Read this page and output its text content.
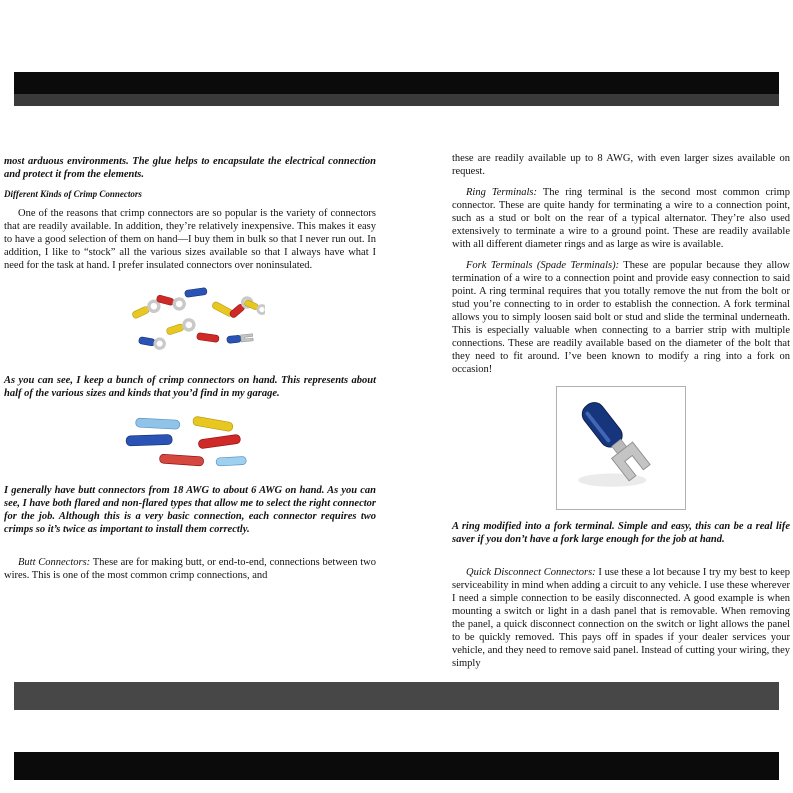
most arduous environments. The glue helps to encapsulate the electrical connection and protect it from the elements.

Different Kinds of Crimp Connectors

One of the reasons that crimp connectors are so popular is the variety of connectors that are readily available. In addition, they’re relatively inexpensive. This makes it easy to have a good selection of them on hand—I buy them in bulk so that I never run out. In addition, I like to “stock” all the various sizes available so that I always have what I need for the task at hand. I prefer insulated connectors over noninsulated.

As you can see, I keep a bunch of crimp connectors on hand. This represents about half of the various sizes and kinds that you’d find in my garage.

I generally have butt connectors from 18 AWG to about 6 AWG on hand. As you can see, I have both flared and non-flared types that allow me to select the right connector for the job. Although this is a very basic connection, each connector requires two crimps so it’s twice as important to install them correctly.

Butt Connectors: These are for making butt, or end-to-end, connections between two wires. This is one of the most common crimp connections, and

these are readily available up to 8 AWG, with even larger sizes available on request.

Ring Terminals: The ring terminal is the second most common crimp connector. These are quite handy for terminating a wire to a connection point, such as a stud or bolt on the rear of a typical alternator. They’re also used extensively to terminate a wire to a ground point. These are readily available with all different diameter rings and as large as wire is available.

Fork Terminals (Spade Terminals): These are popular because they allow termination of a wire to a connection point and provide easy connection to said point. A ring terminal requires that you totally remove the nut from the bolt or stud you’re connecting to in order to establish the connection. A fork terminal allows you to simply loosen said bolt or stud and slide the terminal underneath. This is especially valuable when connecting to a barrier strip with multiple connections. These are readily available based on the diameter of the bolt that they need to fit around. I’ve been known to modify a ring into a fork on occasion!

A ring modified into a fork terminal. Simple and easy, this can be a real life saver if you don’t have a fork large enough for the job at hand.

Quick Disconnect Connectors: I use these a lot because I try my best to keep serviceability in mind when adding a circuit to any vehicle. I use these wherever I need a simple connection to be easily disconnected. A good example is when mounting a switch or light in a dash panel that is removable. When removing the panel, a quick disconnect connection on the switch or light allows the panel to be quickly removed. This pays off in spades if your dealer services your vehicle, and they need to remove said panel. Instead of cutting your wiring, they simply
